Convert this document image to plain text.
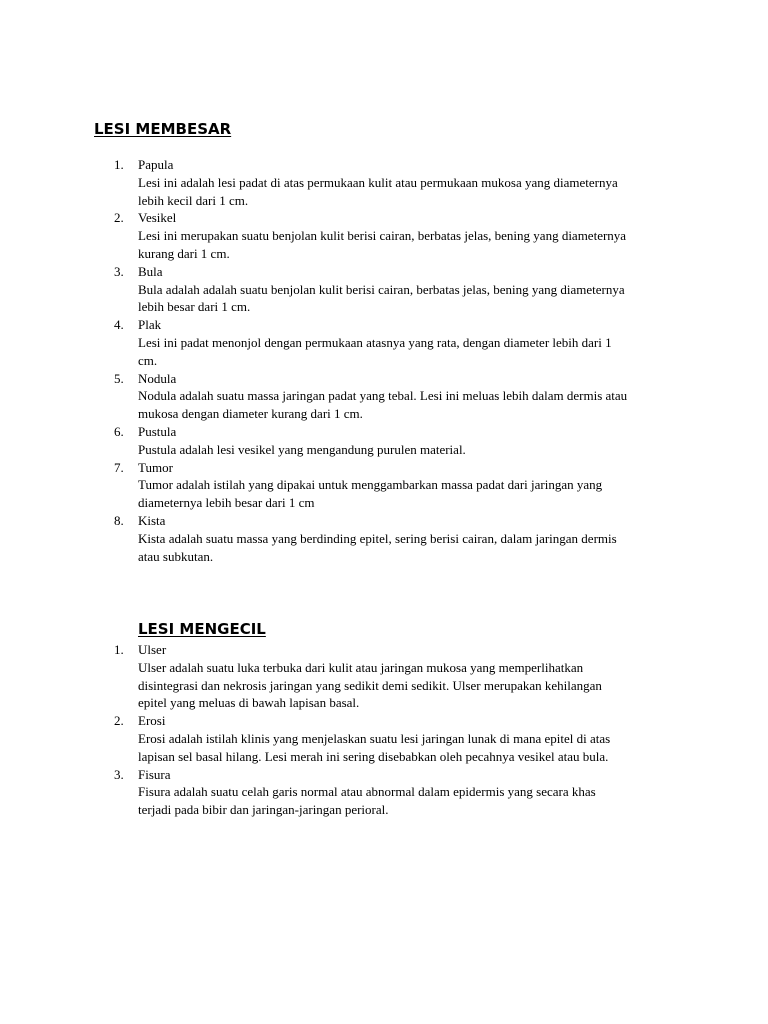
LESI MEMBESAR
1. Papula
Lesi ini adalah lesi padat di atas permukaan kulit atau permukaan mukosa yang diameternya
lebih kecil dari 1 cm.
2. Vesikel
Lesi ini merupakan suatu benjolan kulit berisi cairan, berbatas jelas, bening yang diameternya
kurang dari 1 cm.
3. Bula
Bula adalah adalah suatu benjolan kulit berisi cairan, berbatas jelas, bening yang diameternya
lebih besar dari 1 cm.
4. Plak
Lesi ini padat menonjol dengan permukaan atasnya yang rata, dengan diameter lebih dari 1
cm.
5. Nodula
Nodula adalah suatu massa jaringan padat yang tebal. Lesi ini meluas lebih dalam dermis atau
mukosa dengan diameter kurang dari 1 cm.
6. Pustula
Pustula adalah lesi vesikel yang mengandung purulen material.
7. Tumor
Tumor adalah istilah yang dipakai untuk menggambarkan massa padat dari jaringan yang
diameternya lebih besar dari 1 cm
8. Kista
Kista adalah suatu massa yang berdinding epitel, sering berisi cairan, dalam jaringan dermis
atau subkutan.
LESI MENGECIL
1. Ulser
Ulser adalah suatu luka terbuka dari kulit atau jaringan mukosa yang memperlihatkan
disintegrasi dan nekrosis jaringan yang sedikit demi sedikit. Ulser merupakan kehilangan
epitel yang meluas di bawah lapisan basal.
2. Erosi
Erosi adalah istilah klinis yang menjelaskan suatu lesi jaringan lunak di mana epitel di atas
lapisan sel basal hilang. Lesi merah ini sering disebabkan oleh pecahnya vesikel atau bula.
3. Fisura
Fisura adalah suatu celah garis normal atau abnormal dalam epidermis yang secara khas
terjadi pada bibir dan jaringan-jaringan perioral.
